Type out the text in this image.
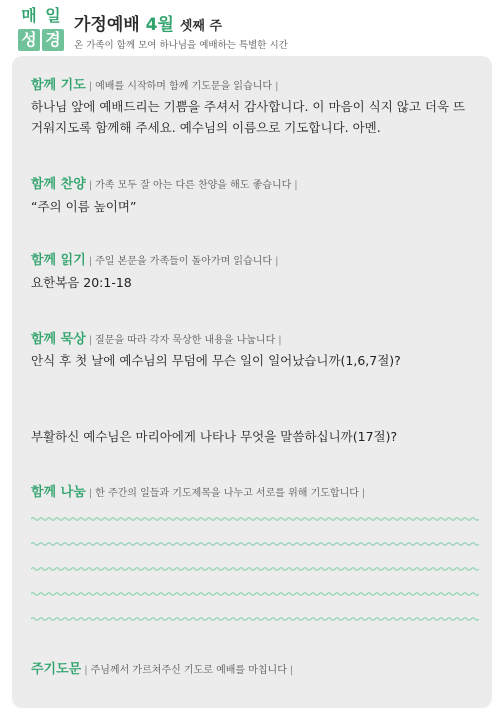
매 일
성 경
가정예배 4월 셋째 주
온 가족이 함께 모여 하나님을 예배하는 특별한 시간
함께 기도 | 예배를 시작하며 함께 기도문을 읽습니다 |
하나님 앞에 예배드리는 기쁨을 주셔서 감사합니다. 이 마음이 식지 않고 더욱 뜨거워지도록 함께해 주세요. 예수님의 이름으로 기도합니다. 아멘.
함께 찬양 | 가족 모두 잘 아는 다른 찬양을 해도 좋습니다 |
“주의 이름 높이며”
함께 읽기 | 주일 본문을 가족들이 돌아가며 읽습니다 |
요한복음 20:1-18
함께 묵상 | 질문을 따라 각자 묵상한 내용을 나눕니다 |
안식 후 첫 날에 예수님의 무덤에 무슨 일이 일어났습니까(1,6,7절)?
부활하신 예수님은 마리아에게 나타나 무엇을 말씀하십니까(17절)?
함께 나눔 | 한 주간의 일들과 기도제목을 나누고 서로를 위해 기도합니다 |
주기도문 | 주님께서 가르쳐주신 기도로 예배를 마칩니다 |
